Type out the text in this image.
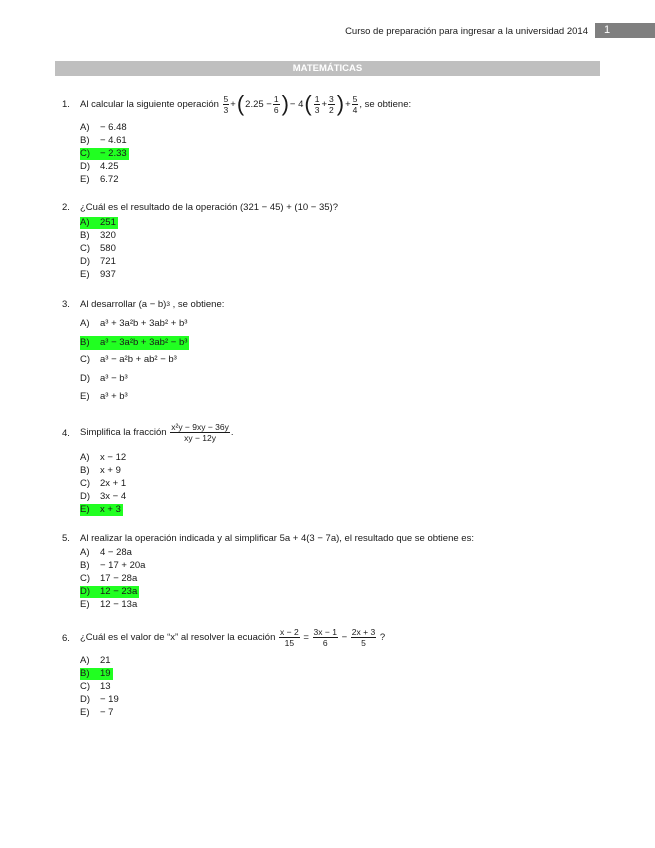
Curso de preparación para ingresar a la universidad 2014	1
MATEMÁTICAS
1. Al calcular la siguiente operación
$\frac{5}{3}$ + ( $2.25 - \frac{1}{6}$ ) − 4 ( $\frac{1}{3} + \frac{3}{2}$ ) + $\frac{5}{4}$ , se obtiene:
A) − 6.48
B) − 4.61
C) − 2.33
D) 4.25
E) 6.72
2. ¿Cuál es el resultado de la operación
(321 − 45) + (10 − 35) ?
A) 251
B) 320
C) 580
D) 721
E) 937
3. Al desarrollar
(a − b) 3
, se obtiene:
A) a³ + 3a²b + 3ab² + b³
B) a³ − 3a²b + 3ab² − b³
C) a³ − a²b + ab² − b³
D) a³ − b³
E) a³ + b³
4. Simplifica la fracción
$\frac{\text{x²y − 9xy − 36y}}{xy - 12y}$ .
A) x − 12
B) x + 9
C) 2x + 1
D) 3x − 4
E) x + 3
5. Al realizar la operación indicada y al simplificar
5a + 4(3 − 7a) , el resultado que se obtiene es:
A) 4 − 28a
B) − 17 + 20a
C) 17 − 28a
D) 12 − 23a
E) 12 − 13a
6. ¿Cuál es el valor de “x” al resolver la ecuación
$\frac{x - 2}{15}$
=
$\frac{3x - 1}{6}$
−
$\frac{2x + 3}{5}$
?
A) 21
B) 19
C) 13
D) − 19
E) − 7
